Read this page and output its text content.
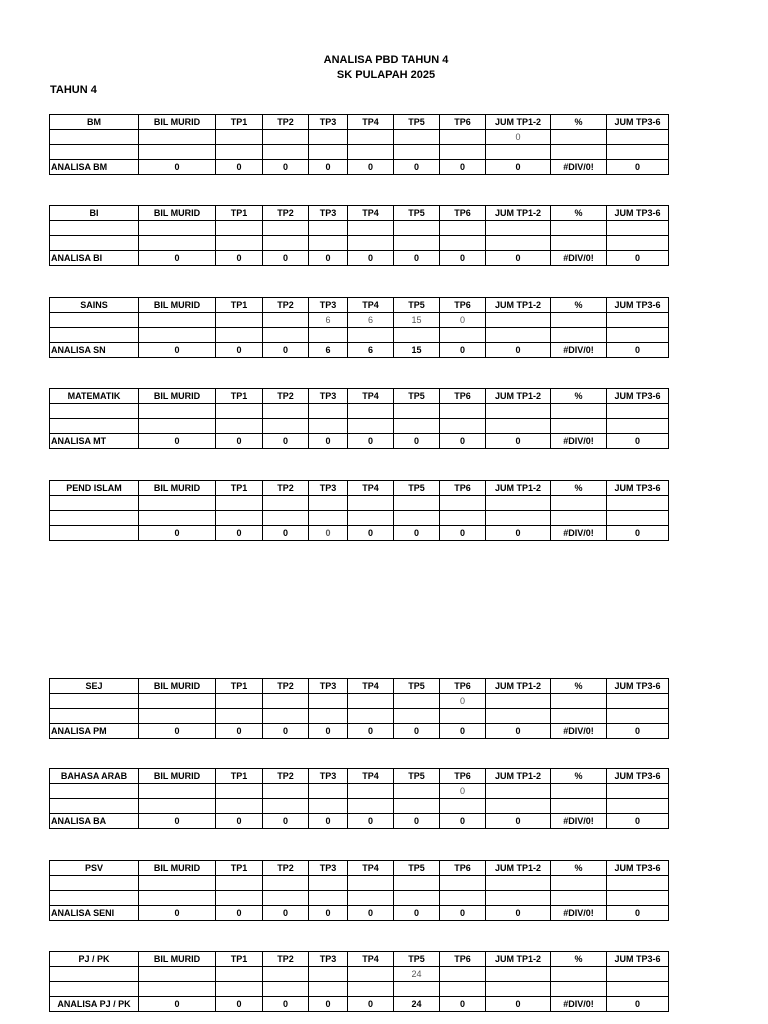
ANALISA PBD TAHUN 4
SK PULAPAH 2025
TAHUN 4
BM	BIL MURID	TP1	TP2	TP3	TP4	TP5	TP6	JUM TP1-2	%	JUM TP3-6
								0		

ANALISA BM	0	0	0	0	0	0	0	0	#DIV/0!	0
BI	BIL MURID	TP1	TP2	TP3	TP4	TP5	TP6	JUM TP1-2	%	JUM TP3-6

ANALISA BI	0	0	0	0	0	0	0	0	#DIV/0!	0
SAINS	BIL MURID	TP1	TP2	TP3	TP4	TP5	TP6	JUM TP1-2	%	JUM TP3-6
				6	6	15	0			

ANALISA SN	0	0	0	6	6	15	0	0	#DIV/0!	0
MATEMATIK	BIL MURID	TP1	TP2	TP3	TP4	TP5	TP6	JUM TP1-2	%	JUM TP3-6

ANALISA MT	0	0	0	0	0	0	0	0	#DIV/0!	0
PEND ISLAM	BIL MURID	TP1	TP2	TP3	TP4	TP5	TP6	JUM TP1-2	%	JUM TP3-6

	0	0	0	0	0	0	0	0	#DIV/0!	0
SEJ	BIL MURID	TP1	TP2	TP3	TP4	TP5	TP6	JUM TP1-2	%	JUM TP3-6
							0			

ANALISA PM	0	0	0	0	0	0	0	0	#DIV/0!	0
BAHASA ARAB	BIL MURID	TP1	TP2	TP3	TP4	TP5	TP6	JUM TP1-2	%	JUM TP3-6
							0			

ANALISA BA	0	0	0	0	0	0	0	0	#DIV/0!	0
PSV	BIL MURID	TP1	TP2	TP3	TP4	TP5	TP6	JUM TP1-2	%	JUM TP3-6

ANALISA SENI	0	0	0	0	0	0	0	0	#DIV/0!	0
PJ / PK	BIL MURID	TP1	TP2	TP3	TP4	TP5	TP6	JUM TP1-2	%	JUM TP3-6
						24				

ANALISA PJ / PK	0	0	0	0	0	24	0	0	#DIV/0!	0
